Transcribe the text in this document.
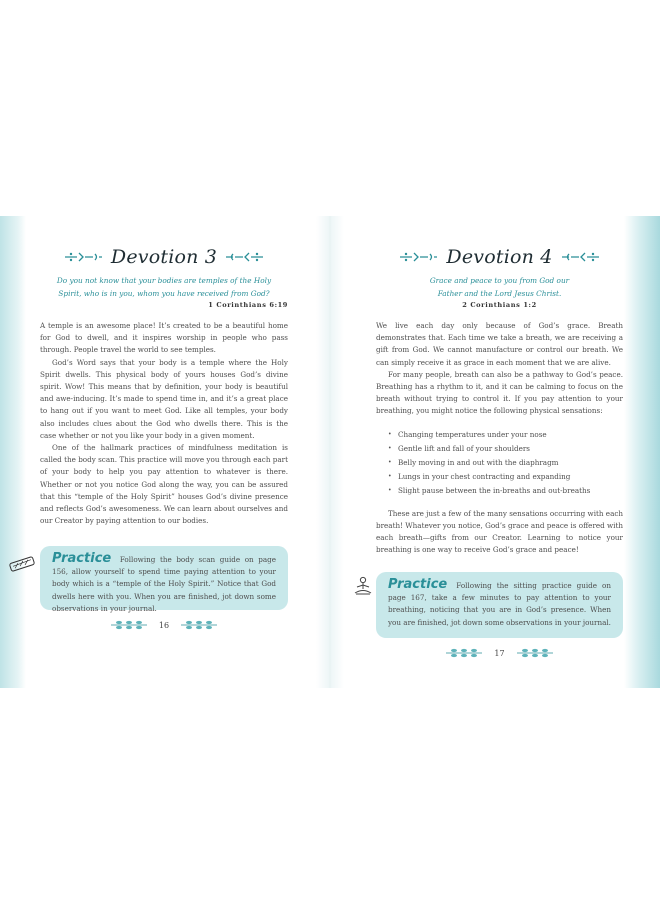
Devotion 3

Do you not know that your bodies are temples of the Holy
Spirit, who is in you, whom you have received from God?

1 Corinthians 6:19

A temple is an awesome place! It’s created to be a beautiful home for God to dwell, and it inspires worship in people who pass through. People travel the world to see temples.

God’s Word says that your body is a temple where the Holy Spirit dwells. This physical body of yours houses God’s divine spirit. Wow! This means that by definition, your body is beautiful and awe-inducing. It’s made to spend time in, and it’s a great place to hang out if you want to meet God. Like all temples, your body also includes clues about the God who dwells there. This is the case whether or not you like your body in a given moment.

One of the hallmark practices of mindfulness meditation is called the body scan. This practice will move you through each part of your body to help you pay attention to whatever is there. Whether or not you notice God along the way, you can be assured that this “temple of the Holy Spirit” houses God’s divine presence and reflects God’s awesomeness. We can learn about ourselves and our Creator by paying attention to our bodies.

Practice Following the body scan guide on page 156, allow yourself to spend time paying attention to your body which is a “temple of the Holy Spirit.” Notice that God dwells here with you. When you are finished, jot down some observations in your journal.
16
Devotion 4

Grace and peace to you from God our
Father and the Lord Jesus Christ.

2 Corinthians 1:2

We live each day only because of God’s grace. Breath demonstrates that. Each time we take a breath, we are receiving a gift from God. We cannot manufacture or control our breath. We can simply receive it as grace in each moment that we are alive.

For many people, breath can also be a pathway to God’s peace. Breathing has a rhythm to it, and it can be calming to focus on the breath without trying to control it. If you pay attention to your breathing, you might notice the following physical sensations:

• Changing temperatures under your nose
• Gentle lift and fall of your shoulders
• Belly moving in and out with the diaphragm
• Lungs in your chest contracting and expanding
• Slight pause between the in-breaths and out-breaths

These are just a few of the many sensations occurring with each breath! Whatever you notice, God’s grace and peace is offered with each breath—gifts from our Creator. Learning to notice your breathing is one way to receive God’s grace and peace!

Practice Following the sitting practice guide on page 167, take a few minutes to pay attention to your breathing, noticing that you are in God’s presence. When you are finished, jot down some observations in your journal.
17
